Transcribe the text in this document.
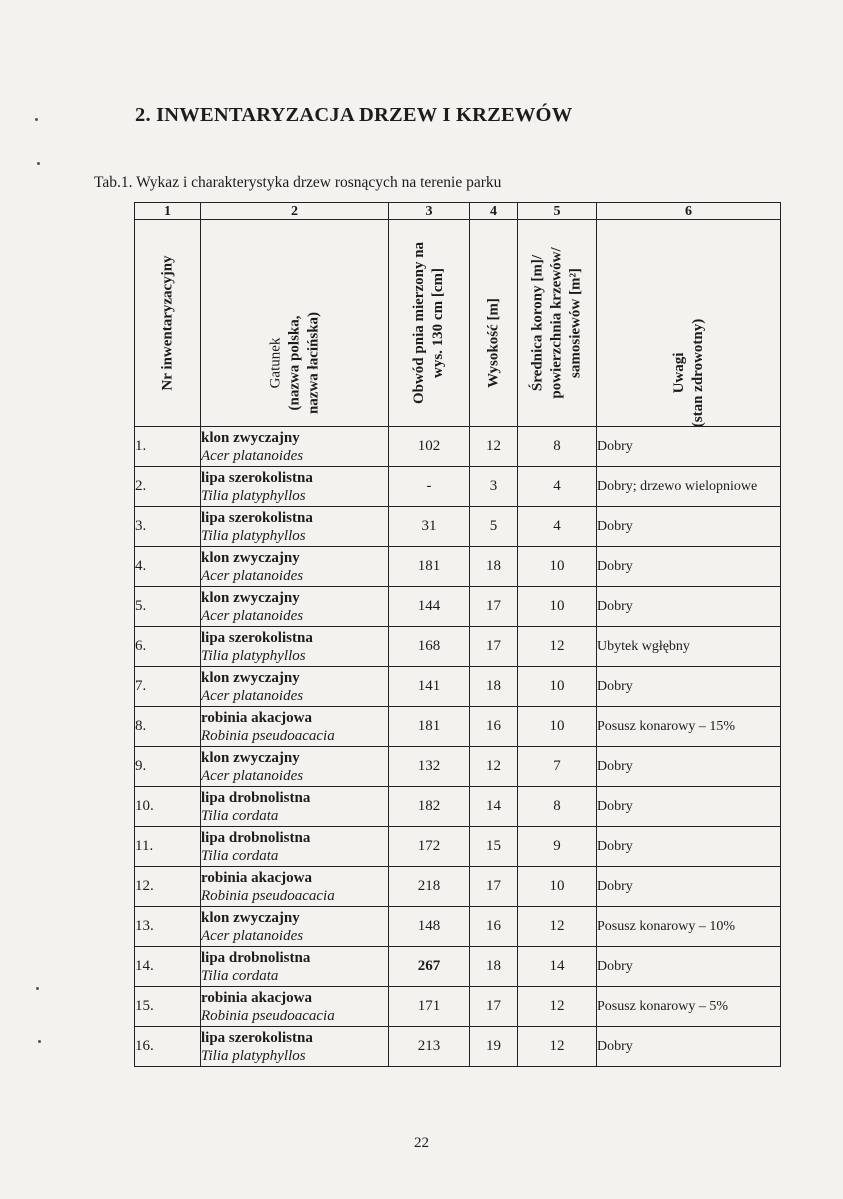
2. INWENTARYZACJA DRZEW I KRZEWÓW

Tab.1. Wykaz i charakterystyka drzew rosnących na terenie parku

1	2	3	4	5	6

Nr inwentaryzacyjny	Gatunek (nazwa polska, nazwa łacińska)	Obwód pnia mierzony na wys. 130 cm [cm]	Wysokość [m]	Średnica korony [m]/ powierzchnia krzewów/ samosiewów [m²]	Uwagi (stan zdrowotny)

1.	klon zwyczajny
Acer platanoides	102	12	8	Dobry
2.	lipa szerokolistna
Tilia platyphyllos	-	3	4	Dobry; drzewo wielopniowe
3.	lipa szerokolistna
Tilia platyphyllos	31	5	4	Dobry
4.	klon zwyczajny
Acer platanoides	181	18	10	Dobry
5.	klon zwyczajny
Acer platanoides	144	17	10	Dobry
6.	lipa szerokolistna
Tilia platyphyllos	168	17	12	Ubytek wgłębny
7.	klon zwyczajny
Acer platanoides	141	18	10	Dobry
8.	robinia akacjowa
Robinia pseudoacacia	181	16	10	Posusz konarowy – 15%
9.	klon zwyczajny
Acer platanoides	132	12	7	Dobry
10.	lipa drobnolistna
Tilia cordata	182	14	8	Dobry
11.	lipa drobnolistna
Tilia cordata	172	15	9	Dobry
12.	robinia akacjowa
Robinia pseudoacacia	218	17	10	Dobry
13.	klon zwyczajny
Acer platanoides	148	16	12	Posusz konarowy – 10%
14.	lipa drobnolistna
Tilia cordata	267	18	14	Dobry
15.	robinia akacjowa
Robinia pseudoacacia	171	17	12	Posusz konarowy – 5%
16.	lipa szerokolistna
Tilia platyphyllos	213	19	12	Dobry

22
